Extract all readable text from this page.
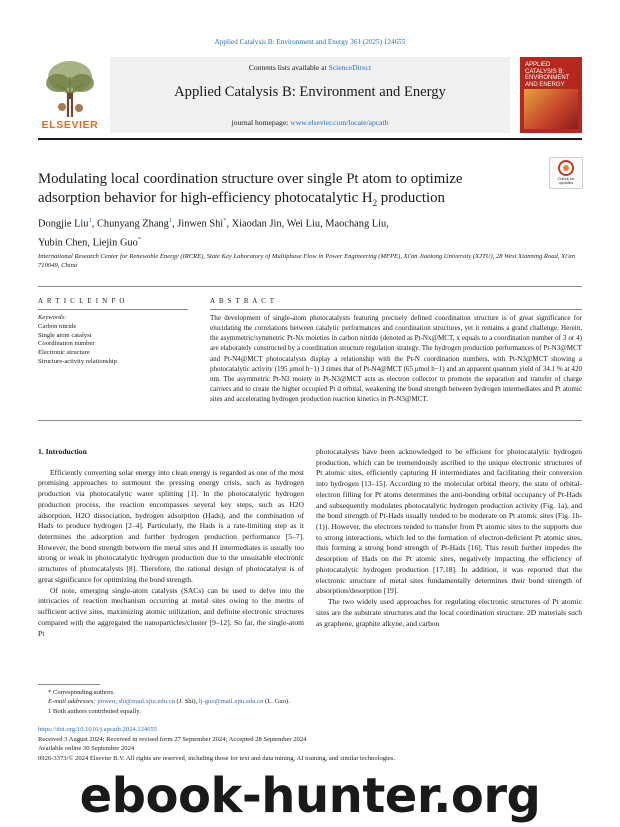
Applied Catalysis B: Environment and Energy 361 (2025) 124655
ELSEVIER
Contents lists available at ScienceDirect
Applied Catalysis B: Environment and Energy
journal homepage: www.elsevier.com/locate/apcatb
APPLIED
CATALYSIS B:
ENVIRONMENT
AND ENERGY
Check for
updates
Modulating local coordination structure over single Pt atom to optimize
adsorption behavior for high-efficiency photocatalytic $H_2$ production
Dongjie Liu$^1$, Chunyang Zhang$^1$, Jinwen Shi*, Xiaodan Jin, Wei Liu, Maochang Liu,
Yubin Chen, Liejin Guo*
International Research Center for Renewable Energy (IRCRE), State Key Laboratory of Multiphase Flow in Power Engineering (MFPE), Xi'an Jiaotong University (XJTU), 28 West Xianning Road, Xi'an 710049, China
A R T I C L E I N F O	A B S T R A C T
Keywords:
Carbon nitride
Single atom catalyst
Coordination number
Electronic structure
Structure-activity relationship
The development of single-atom photocatalysts featuring precisely defined coordination structure is of great significance for elucidating the correlations between catalytic performances and coordination structures, yet it remains a grand challenge. Herein, the asymmetric/symmetric Pt-Nx moieties in carbon nitride (denoted as Pt-Nx@MCT, x equals to a coordination number of 3 or 4) are elaborately constructed by a coordination structure regulation strategy. The hydrogen production performances of Pt-N3@MCT and Pt-N4@MCT photocatalysts display a relationship with the Pt-N coordination numbers, with Pt-N3@MCT showing a photocatalytic activity (195 μmol h−1) 3 times that of Pt-N4@MCT (65 μmol h−1) and an apparent quantum yield of 34.1 % at 420 nm. The asymmetric Pt-N3 moiety in Pt-N3@MCT acts as electron collector to promote the separation and transfer of charge carriers and to create the higher occupied Pt d orbital, weakening the bond strength between hydrogen intermediates and Pt atomic sites and accelerating hydrogen production reaction kinetics in Pt-N3@MCT.

1. Introduction

Efficiently converting solar energy into clean energy is regarded as one of the most promising approaches to surmount the pressing energy crisis, such as hydrogen production via photocatalytic water splitting [1]. In the photocatalytic hydrogen production process, the reaction encompasses several key steps, such as H2O adsorption, H2O dissociation, hydrogen adsorption (Hads), and the combination of Hads to produce hydrogen [2–4]. Particularly, the Hads is a rate-limiting step as it determines the adsorption and further hydrogen production performance [5–7]. However, the bond strength between the metal sites and H intermediates is usually too strong or weak in photocatalytic hydrogen production due to the unsuitable electronic structures of photocatalysts [8]. Therefore, the rational design of photocatalyst is of great significance for optimizing the bond strength.

Of note, emerging single-atom catalysts (SACs) can be used to delve into the intricacies of reaction mechanism occurring at metal sites owing to the merits of sufficient active sites, maximizing atomic utilization, and definite electronic structures compared with the aggregated the nanoparticles/cluster [9–12]. So far, the single-atom Pt

photocatalysts have been acknowledged to be efficient for photocatalytic hydrogen production, which can be tremendously ascribed to the unique electronic structures of Pt atomic sites, efficiently capturing H intermediates and facilitating their conversion into hydrogen [13–15]. According to the molecular orbital theory, the state of orbital-electron filling for Pt atoms determines the anti-bonding orbital occupancy of Pt-Hads and subsequently modulates photocatalytic hydrogen production activity (Fig. 1a), and the bond strength of Pt-Hads usually tended to be moderate on Pt atomic sites (Fig. 1b-(1)). However, the electrons tended to transfer from Pt atomic sites to the supports due to strong interactions, which led to the formation of electron-deficient Pt atomic sites, thus forming a strong bond strength of Pt-Hads [16]. This result further impedes the desorption of Hads on the Pt atomic sites, negatively impacting the efficiency of photocatalytic hydrogen production [17,18]. In addition, it was reported that the electronic structure of metal sites fundamentally determines their bond strength of absorption/desorption [19].

The two widely used approaches for regulating electronic structures of Pt atomic sites are the substrate structures and the local coordination structure. 2D materials such as graphene, graphite alkyne, and carbon

* Corresponding authors.
E-mail addresses: jinwen_shi@mail.xjtu.edu.cn (J. Shi), lj-guo@mail.xjtu.edu.cn (L. Guo).
1 Both authors contributed equally.
https://doi.org/10.1016/j.apcatb.2024.124655
Received 3 August 2024; Received in revised form 27 September 2024; Accepted 28 September 2024
Available online 30 September 2024
0926-3373/© 2024 Elsevier B.V. All rights are reserved, including those for text and data mining, AI training, and similar technologies.
ebook-hunter.org
